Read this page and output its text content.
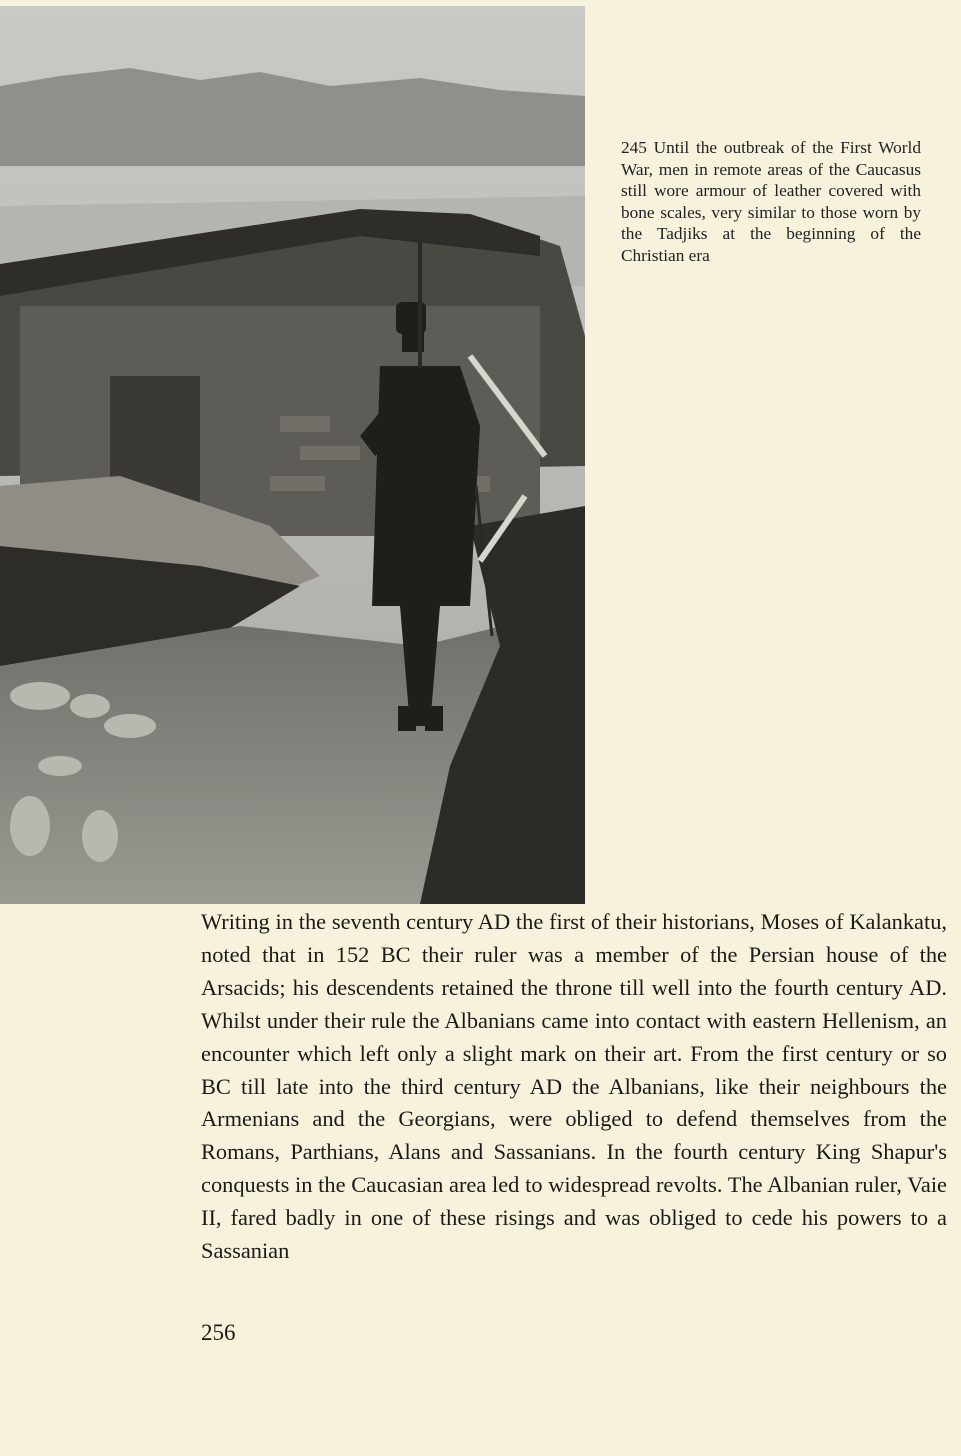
245 Until the outbreak of the First World War, men in remote areas of the Caucasus still wore armour of leather covered with bone scales, very similar to those worn by the Tadjiks at the beginning of the Christian era

Writing in the seventh century AD the first of their historians, Moses of Kalankatu, noted that in 152 BC their ruler was a member of the Persian house of the Arsacids; his descendents retained the throne till well into the fourth century AD. Whilst under their rule the Albanians came into contact with eastern Hellenism, an encounter which left only a slight mark on their art. From the first century or so BC till late into the third century AD the Albanians, like their neighbours the Armenians and the Georgians, were obliged to defend themselves from the Romans, Parthians, Alans and Sassanians. In the fourth century King Shapur's conquests in the Caucasian area led to widespread revolts. The Albanian ruler, Vaie II, fared badly in one of these risings and was obliged to cede his powers to a Sassanian

256
